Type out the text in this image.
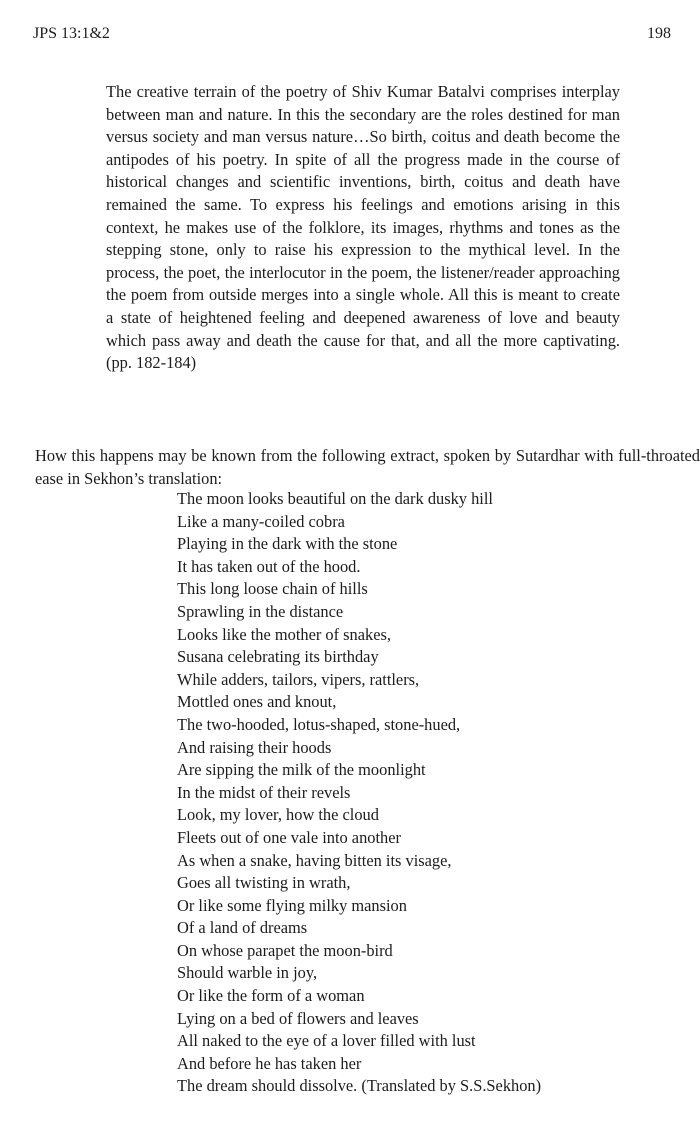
JPS 13:1&2	198

The creative terrain of the poetry of Shiv Kumar Batalvi comprises interplay between man and nature. In this the secondary are the roles destined for man versus society and man versus nature…So birth, coitus and death become the antipodes of his poetry. In spite of all the progress made in the course of historical changes and scientific inventions, birth, coitus and death have remained the same. To express his feelings and emotions arising in this context, he makes use of the folklore, its images, rhythms and tones as the stepping stone, only to raise his expression to the mythical level. In the process, the poet, the interlocutor in the poem, the listener/reader approaching the poem from outside merges into a single whole. All this is meant to create a state of heightened feeling and deepened awareness of love and beauty which pass away and death the cause for that, and all the more captivating. (pp. 182-184)

How this happens may be known from the following extract, spoken by Sutardhar with full-throated ease in Sekhon’s translation:

The moon looks beautiful on the dark dusky hill
Like a many-coiled cobra
Playing in the dark with the stone
It has taken out of the hood.
This long loose chain of hills
Sprawling in the distance
Looks like the mother of snakes,
Susana celebrating its birthday
While adders, tailors, vipers, rattlers,
Mottled ones and knout,
The two-hooded, lotus-shaped, stone-hued,
And raising their hoods
Are sipping the milk of the moonlight
In the midst of their revels
Look, my lover, how the cloud
Fleets out of one vale into another
As when a snake, having bitten its visage,
Goes all twisting in wrath,
Or like some flying milky mansion
Of a land of dreams
On whose parapet the moon-bird
Should warble in joy,
Or like the form of a woman
Lying on a bed of flowers and leaves
All naked to the eye of a lover filled with lust
And before he has taken her
The dream should dissolve. (Translated by S.S.Sekhon)
